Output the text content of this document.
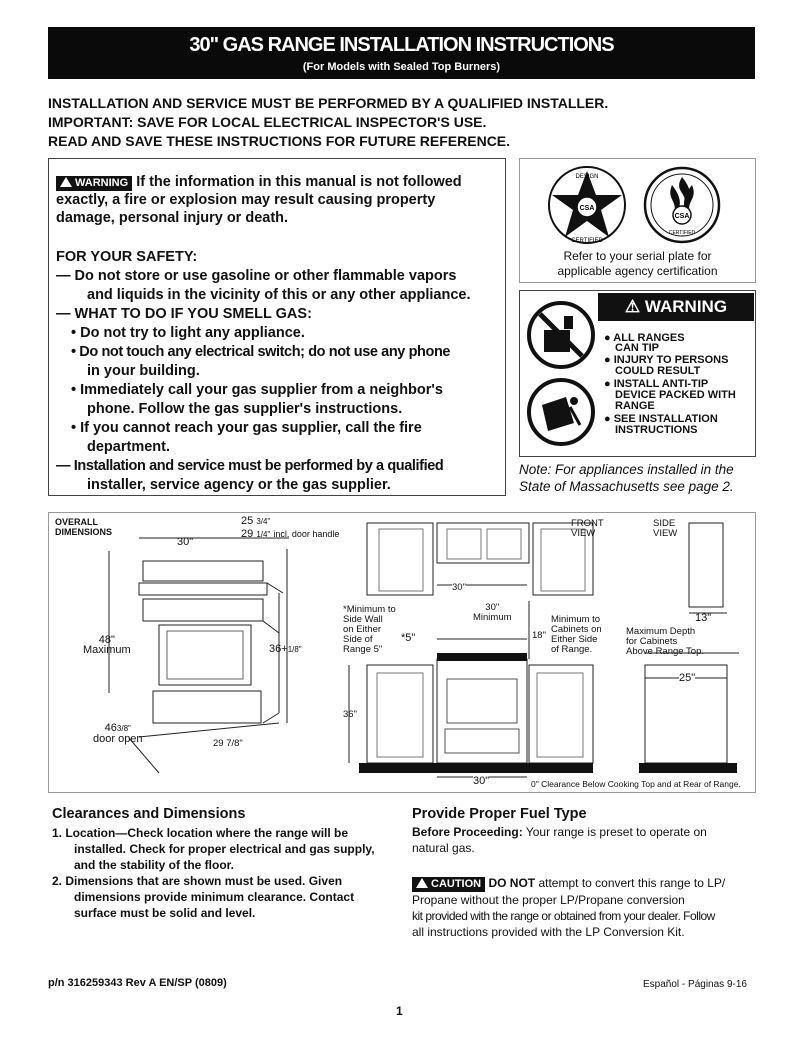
30" GAS RANGE INSTALLATION INSTRUCTIONS
(For Models with Sealed Top Burners)
INSTALLATION AND SERVICE MUST BE PERFORMED BY A QUALIFIED INSTALLER.
IMPORTANT: SAVE FOR LOCAL ELECTRICAL INSPECTOR'S USE.
READ AND SAVE THESE INSTRUCTIONS FOR FUTURE REFERENCE.
WARNING If the information in this manual is not followed exactly, a fire or explosion may result causing property damage, personal injury or death.
FOR YOUR SAFETY:
— Do not store or use gasoline or other flammable vapors
and liquids in the vicinity of this or any other appliance.
— WHAT TO DO IF YOU SMELL GAS:
• Do not try to light any appliance.
• Do not touch any electrical switch; do not use any phone
in your building.
• Immediately call your gas supplier from a neighbor's
phone. Follow the gas supplier's instructions.
• If you cannot reach your gas supplier, call the fire
department.
— Installation and service must be performed by a qualified
installer, service agency or the gas supplier.
CSA
DESIGN
CERTIFIED
CSA
CERTIFIED
Refer to your serial plate for
applicable agency certification
⚠ WARNING
● ALL RANGES
CAN TIP
● INJURY TO PERSONS
COULD RESULT
● INSTALL ANTI-TIP
DEVICE PACKED WITH
RANGE
● SEE INSTALLATION
INSTRUCTIONS
Note: For appliances installed in the
State of Massachusetts see page 2.
OVERALL
DIMENSIONS
30"
25 3/4"
29 1/4" incl. door handle
48"
Maximum	36+1/8"
463/8"
door open	29 7/8"
FRONT
VIEW
SIDE
VIEW
30"
30"
Minimum
*Minimum to
Side Wall
on Either
Side of
Range 5"
*5"	18"
Minimum to
Cabinets on
Either Side
of Range.
Maximum Depth
for Cabinets
Above Range Top.
13"
25"
36"
30"	0" Clearance Below Cooking Top and at Rear of Range.
Clearances and Dimensions
1. Location—Check location where the range will be
installed. Check for proper electrical and gas supply,
and the stability of the floor.
2. Dimensions that are shown must be used. Given
dimensions provide minimum clearance. Contact
surface must be solid and level.
Provide Proper Fuel Type
Before Proceeding: Your range is preset to operate on
natural gas.
CAUTION DO NOT attempt to convert this range to LP/
Propane without the proper LP/Propane conversion
kit provided with the range or obtained from your dealer. Follow
all instructions provided with the LP Conversion Kit.
p/n 316259343 Rev A EN/SP (0809)	Español - Páginas 9-16
1
